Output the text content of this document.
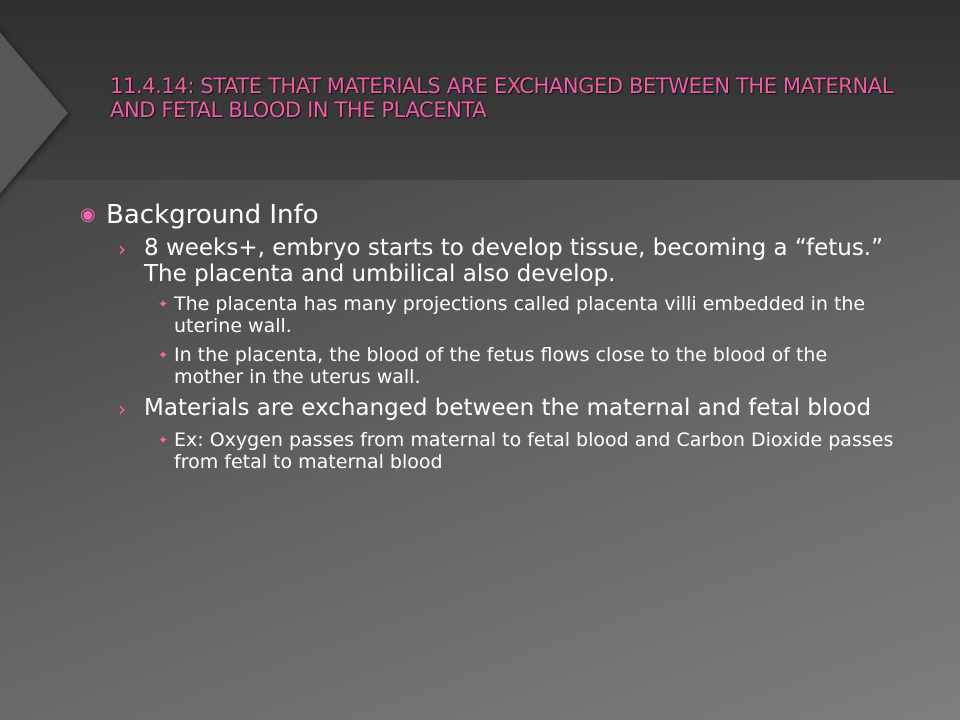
11.4.14: STATE THAT MATERIALS ARE EXCHANGED BETWEEN THE MATERNAL AND FETAL BLOOD IN THE PLACENTA
◉ Background Info
› 8 weeks+, embryo starts to develop tissue, becoming a “fetus.” The placenta and umbilical also develop.
✦ The placenta has many projections called placenta villi embedded in the uterine wall.
✦ In the placenta, the blood of the fetus flows close to the blood of the mother in the uterus wall.
› Materials are exchanged between the maternal and fetal blood
✦ Ex: Oxygen passes from maternal to fetal blood and Carbon Dioxide passes from fetal to maternal blood
